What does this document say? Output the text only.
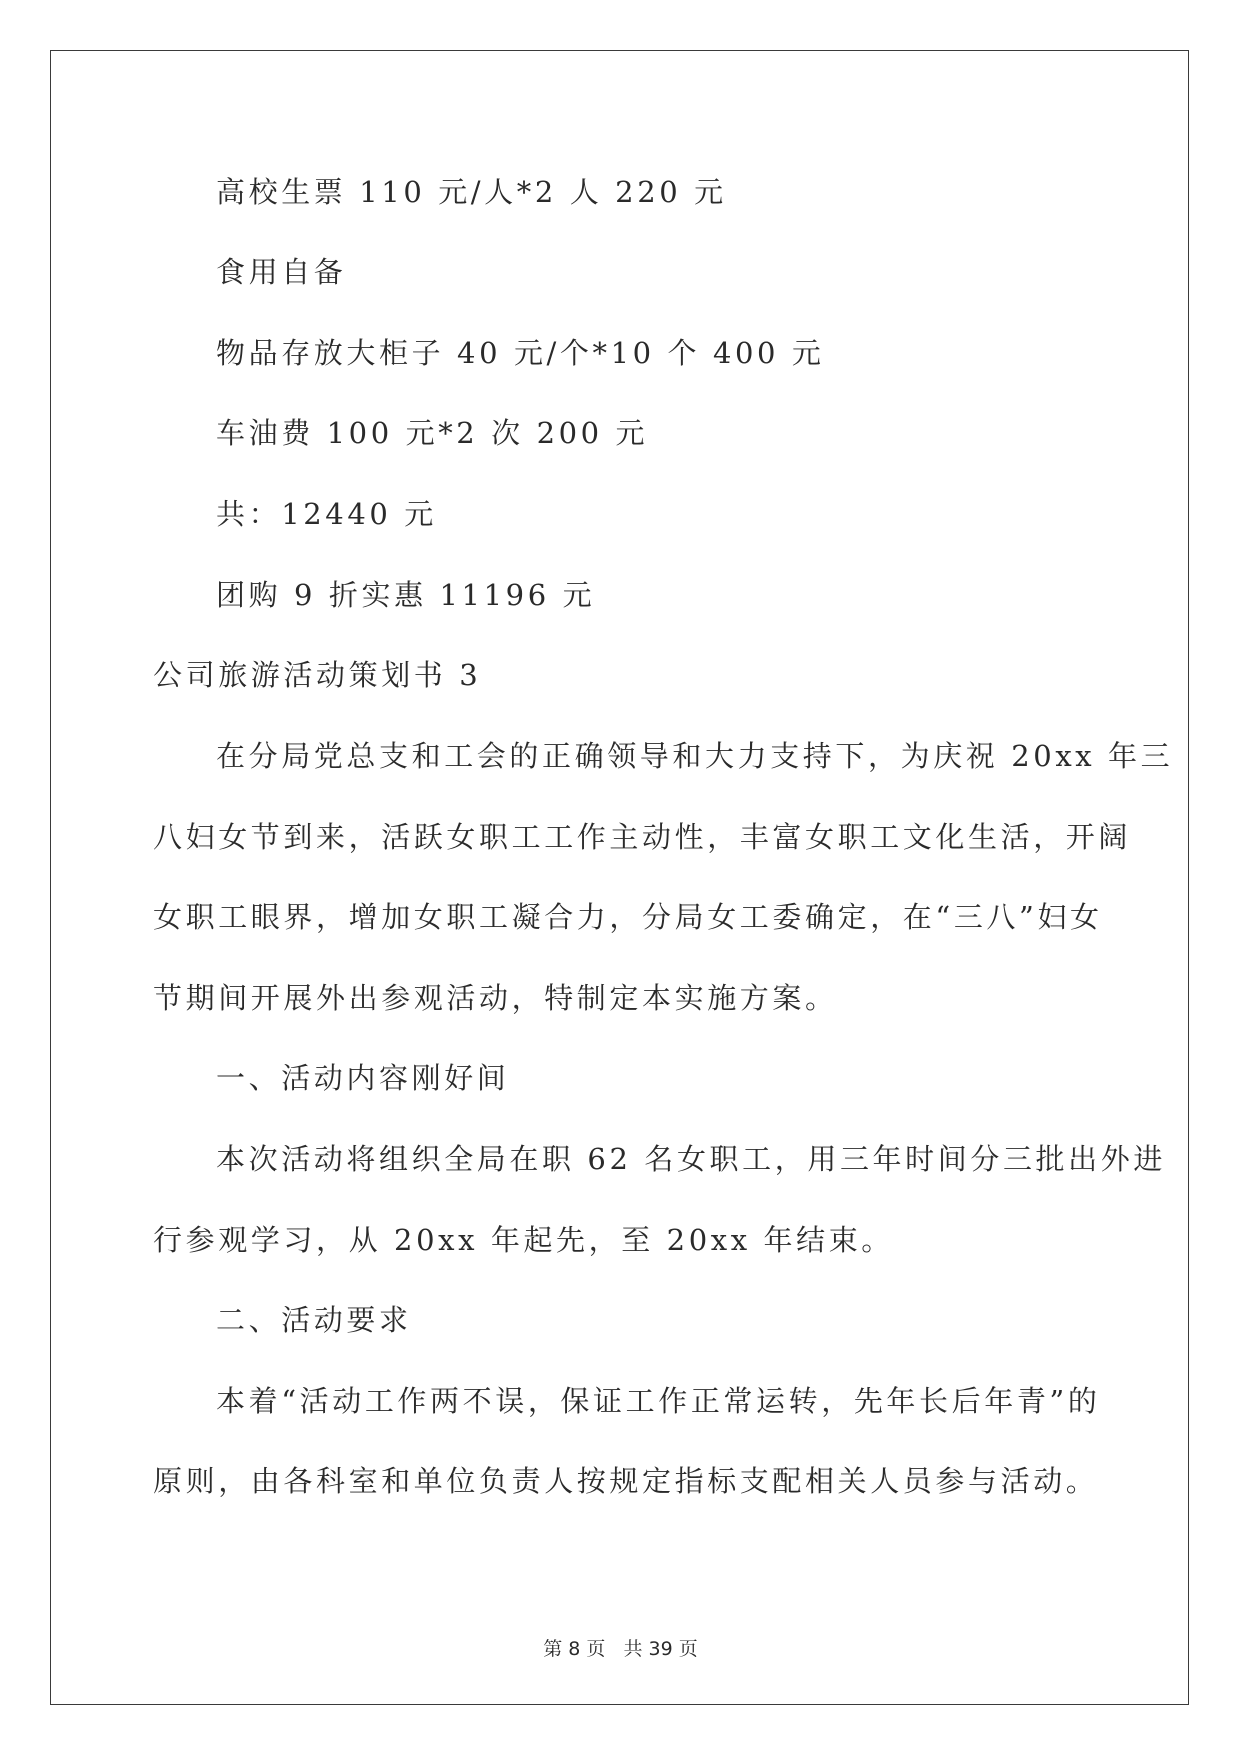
高校生票 110 元/人*2 人 220 元
食用自备
物品存放大柜子 40 元/个*10 个 400 元
车油费 100 元*2 次 200 元
共：12440 元
团购 9 折实惠 11196 元
公司旅游活动策划书 3
在分局党总支和工会的正确领导和大力支持下，为庆祝 20xx 年三
八妇女节到来，活跃女职工工作主动性，丰富女职工文化生活，开阔
女职工眼界，增加女职工凝合力，分局女工委确定，在“三八”妇女
节期间开展外出参观活动，特制定本实施方案。
一、活动内容刚好间
本次活动将组织全局在职 62 名女职工，用三年时间分三批出外进
行参观学习，从 20xx 年起先，至 20xx 年结束。
二、活动要求
本着“活动工作两不误，保证工作正常运转，先年长后年青”的
原则，由各科室和单位负责人按规定指标支配相关人员参与活动。
第 8 页 共 39 页
